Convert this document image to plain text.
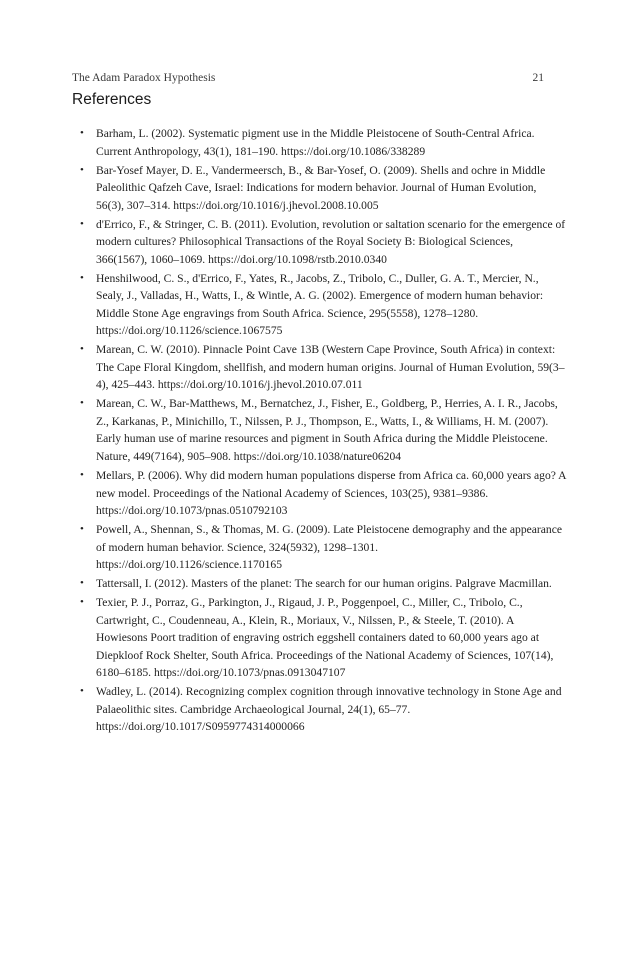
The Adam Paradox Hypothesis	21
References
• Barham, L. (2002). Systematic pigment use in the Middle Pleistocene of South-Central Africa. Current Anthropology, 43(1), 181–190. https://doi.org/10.1086/338289
• Bar-Yosef Mayer, D. E., Vandermeersch, B., & Bar-Yosef, O. (2009). Shells and ochre in Middle Paleolithic Qafzeh Cave, Israel: Indications for modern behavior. Journal of Human Evolution, 56(3), 307–314. https://doi.org/10.1016/j.jhevol.2008.10.005
• d'Errico, F., & Stringer, C. B. (2011). Evolution, revolution or saltation scenario for the emergence of modern cultures? Philosophical Transactions of the Royal Society B: Biological Sciences, 366(1567), 1060–1069. https://doi.org/10.1098/rstb.2010.0340
• Henshilwood, C. S., d'Errico, F., Yates, R., Jacobs, Z., Tribolo, C., Duller, G. A. T., Mercier, N., Sealy, J., Valladas, H., Watts, I., & Wintle, A. G. (2002). Emergence of modern human behavior: Middle Stone Age engravings from South Africa. Science, 295(5558), 1278–1280. https://doi.org/10.1126/science.1067575
• Marean, C. W. (2010). Pinnacle Point Cave 13B (Western Cape Province, South Africa) in context: The Cape Floral Kingdom, shellfish, and modern human origins. Journal of Human Evolution, 59(3–4), 425–443. https://doi.org/10.1016/j.jhevol.2010.07.011
• Marean, C. W., Bar-Matthews, M., Bernatchez, J., Fisher, E., Goldberg, P., Herries, A. I. R., Jacobs, Z., Karkanas, P., Minichillo, T., Nilssen, P. J., Thompson, E., Watts, I., & Williams, H. M. (2007). Early human use of marine resources and pigment in South Africa during the Middle Pleistocene. Nature, 449(7164), 905–908. https://doi.org/10.1038/nature06204
• Mellars, P. (2006). Why did modern human populations disperse from Africa ca. 60,000 years ago? A new model. Proceedings of the National Academy of Sciences, 103(25), 9381–9386. https://doi.org/10.1073/pnas.0510792103
• Powell, A., Shennan, S., & Thomas, M. G. (2009). Late Pleistocene demography and the appearance of modern human behavior. Science, 324(5932), 1298–1301. https://doi.org/10.1126/science.1170165
• Tattersall, I. (2012). Masters of the planet: The search for our human origins. Palgrave Macmillan.
• Texier, P. J., Porraz, G., Parkington, J., Rigaud, J. P., Poggenpoel, C., Miller, C., Tribolo, C., Cartwright, C., Coudenneau, A., Klein, R., Moriaux, V., Nilssen, P., & Steele, T. (2010). A Howiesons Poort tradition of engraving ostrich eggshell containers dated to 60,000 years ago at Diepkloof Rock Shelter, South Africa. Proceedings of the National Academy of Sciences, 107(14), 6180–6185. https://doi.org/10.1073/pnas.0913047107
• Wadley, L. (2014). Recognizing complex cognition through innovative technology in Stone Age and Palaeolithic sites. Cambridge Archaeological Journal, 24(1), 65–77. https://doi.org/10.1017/S0959774314000066
